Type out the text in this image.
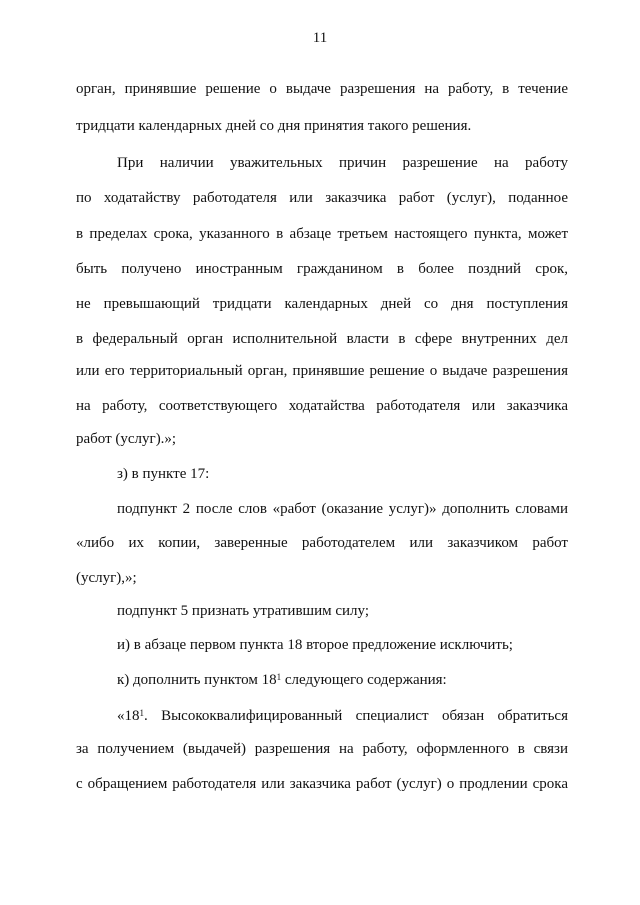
11
орган, принявшие решение о выдаче разрешения на работу, в течение
тридцати календарных дней со дня принятия такого решения.
При наличии уважительных причин разрешение на работу
по ходатайству работодателя или заказчика работ (услуг), поданное
в пределах срока, указанного в абзаце третьем настоящего пункта, может
быть получено иностранным гражданином в более поздний срок,
не превышающий тридцати календарных дней со дня поступления
в федеральный орган исполнительной власти в сфере внутренних дел
или его территориальный орган, принявшие решение о выдаче разрешения
на работу, соответствующего ходатайства работодателя или заказчика
работ (услуг).»;
з) в пункте 17:
подпункт 2 после слов «работ (оказание услуг)» дополнить словами
«либо их копии, заверенные работодателем или заказчиком работ
(услуг),»;
подпункт 5 признать утратившим силу;
и) в абзаце первом пункта 18 второе предложение исключить;
к) дополнить пунктом $18^1$ следующего содержания:
«$18^1$. Высококвалифицированный специалист обязан обратиться
за получением (выдачей) разрешения на работу, оформленного в связи
с обращением работодателя или заказчика работ (услуг) о продлении срока
